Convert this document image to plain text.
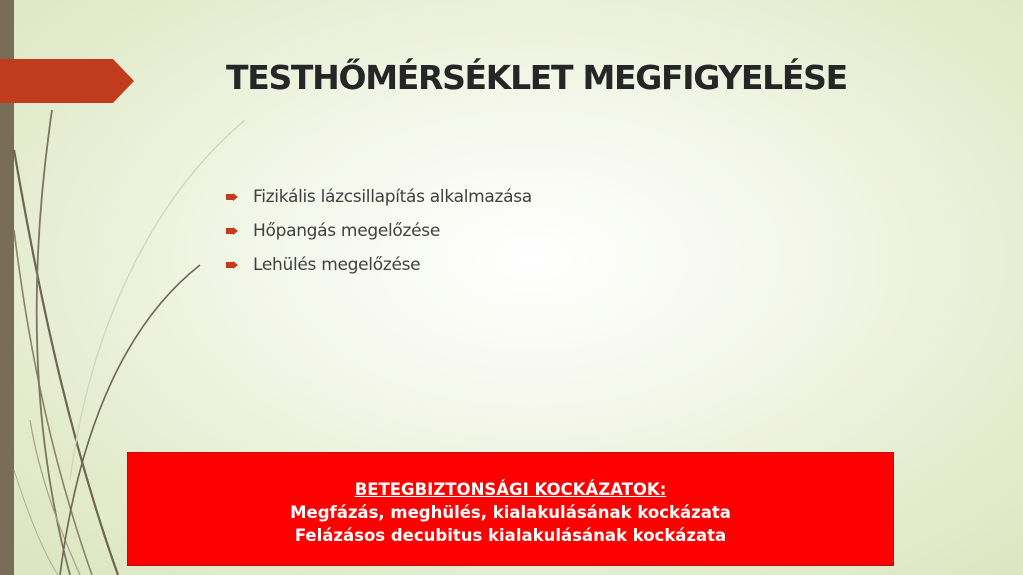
TESTHŐMÉRSÉKLET MEGFIGYELÉSE
Fizikális lázcsillapítás alkalmazása
Hőpangás megelőzése
Lehülés megelőzése
BETEGBIZTONSÁGI KOCKÁZATOK:
Megfázás, meghülés, kialakulásának kockázata
Felázásos decubitus kialakulásának kockázata
